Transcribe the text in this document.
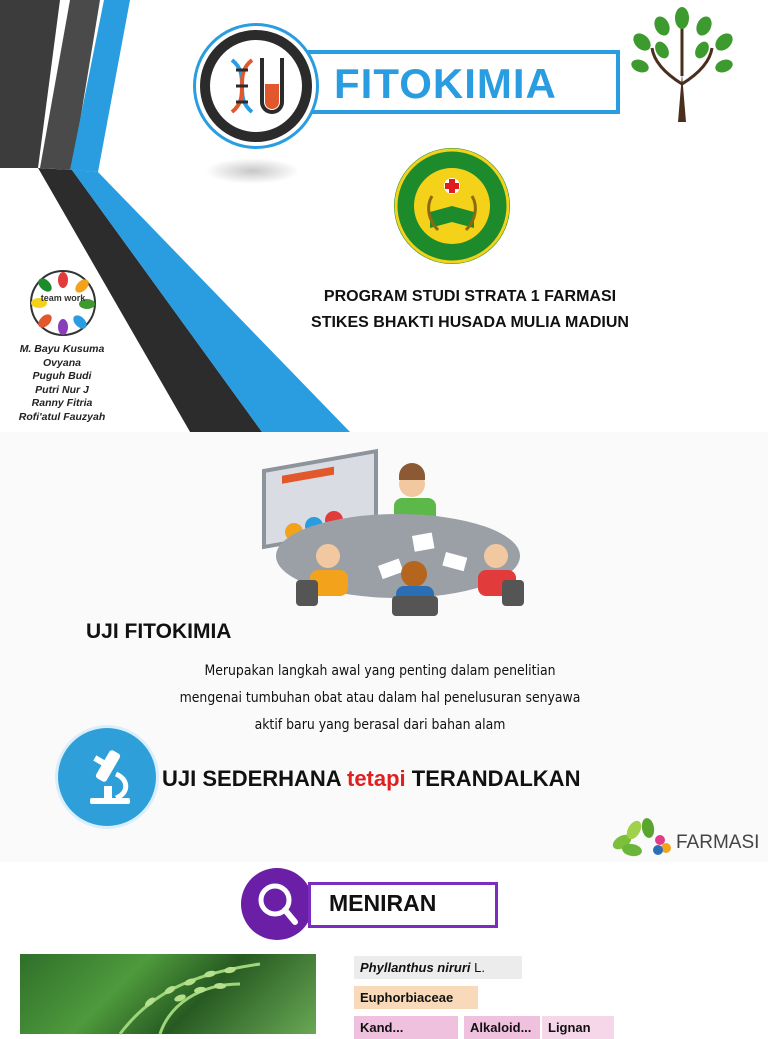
FITOKIMIA
PROGRAM STUDI STRATA 1 FARMASI
STIKES BHAKTI HUSADA MULIA MADIUN
team work
M. Bayu Kusuma
Ovyana
Puguh Budi
Putri Nur J
Ranny Fitria
Rofi'atul Fauzyah
UJI FITOKIMIA
Merupakan langkah awal yang penting dalam penelitian
mengenai tumbuhan obat atau dalam hal penelusuran senyawa
aktif baru yang berasal dari bahan alam
UJI SEDERHANA tetapi TERANDALKAN
FARMASI
MENIRAN
Phyllanthus niruri L.
Euphorbiaceae
Kand...	Alkaloid...	Lignan
